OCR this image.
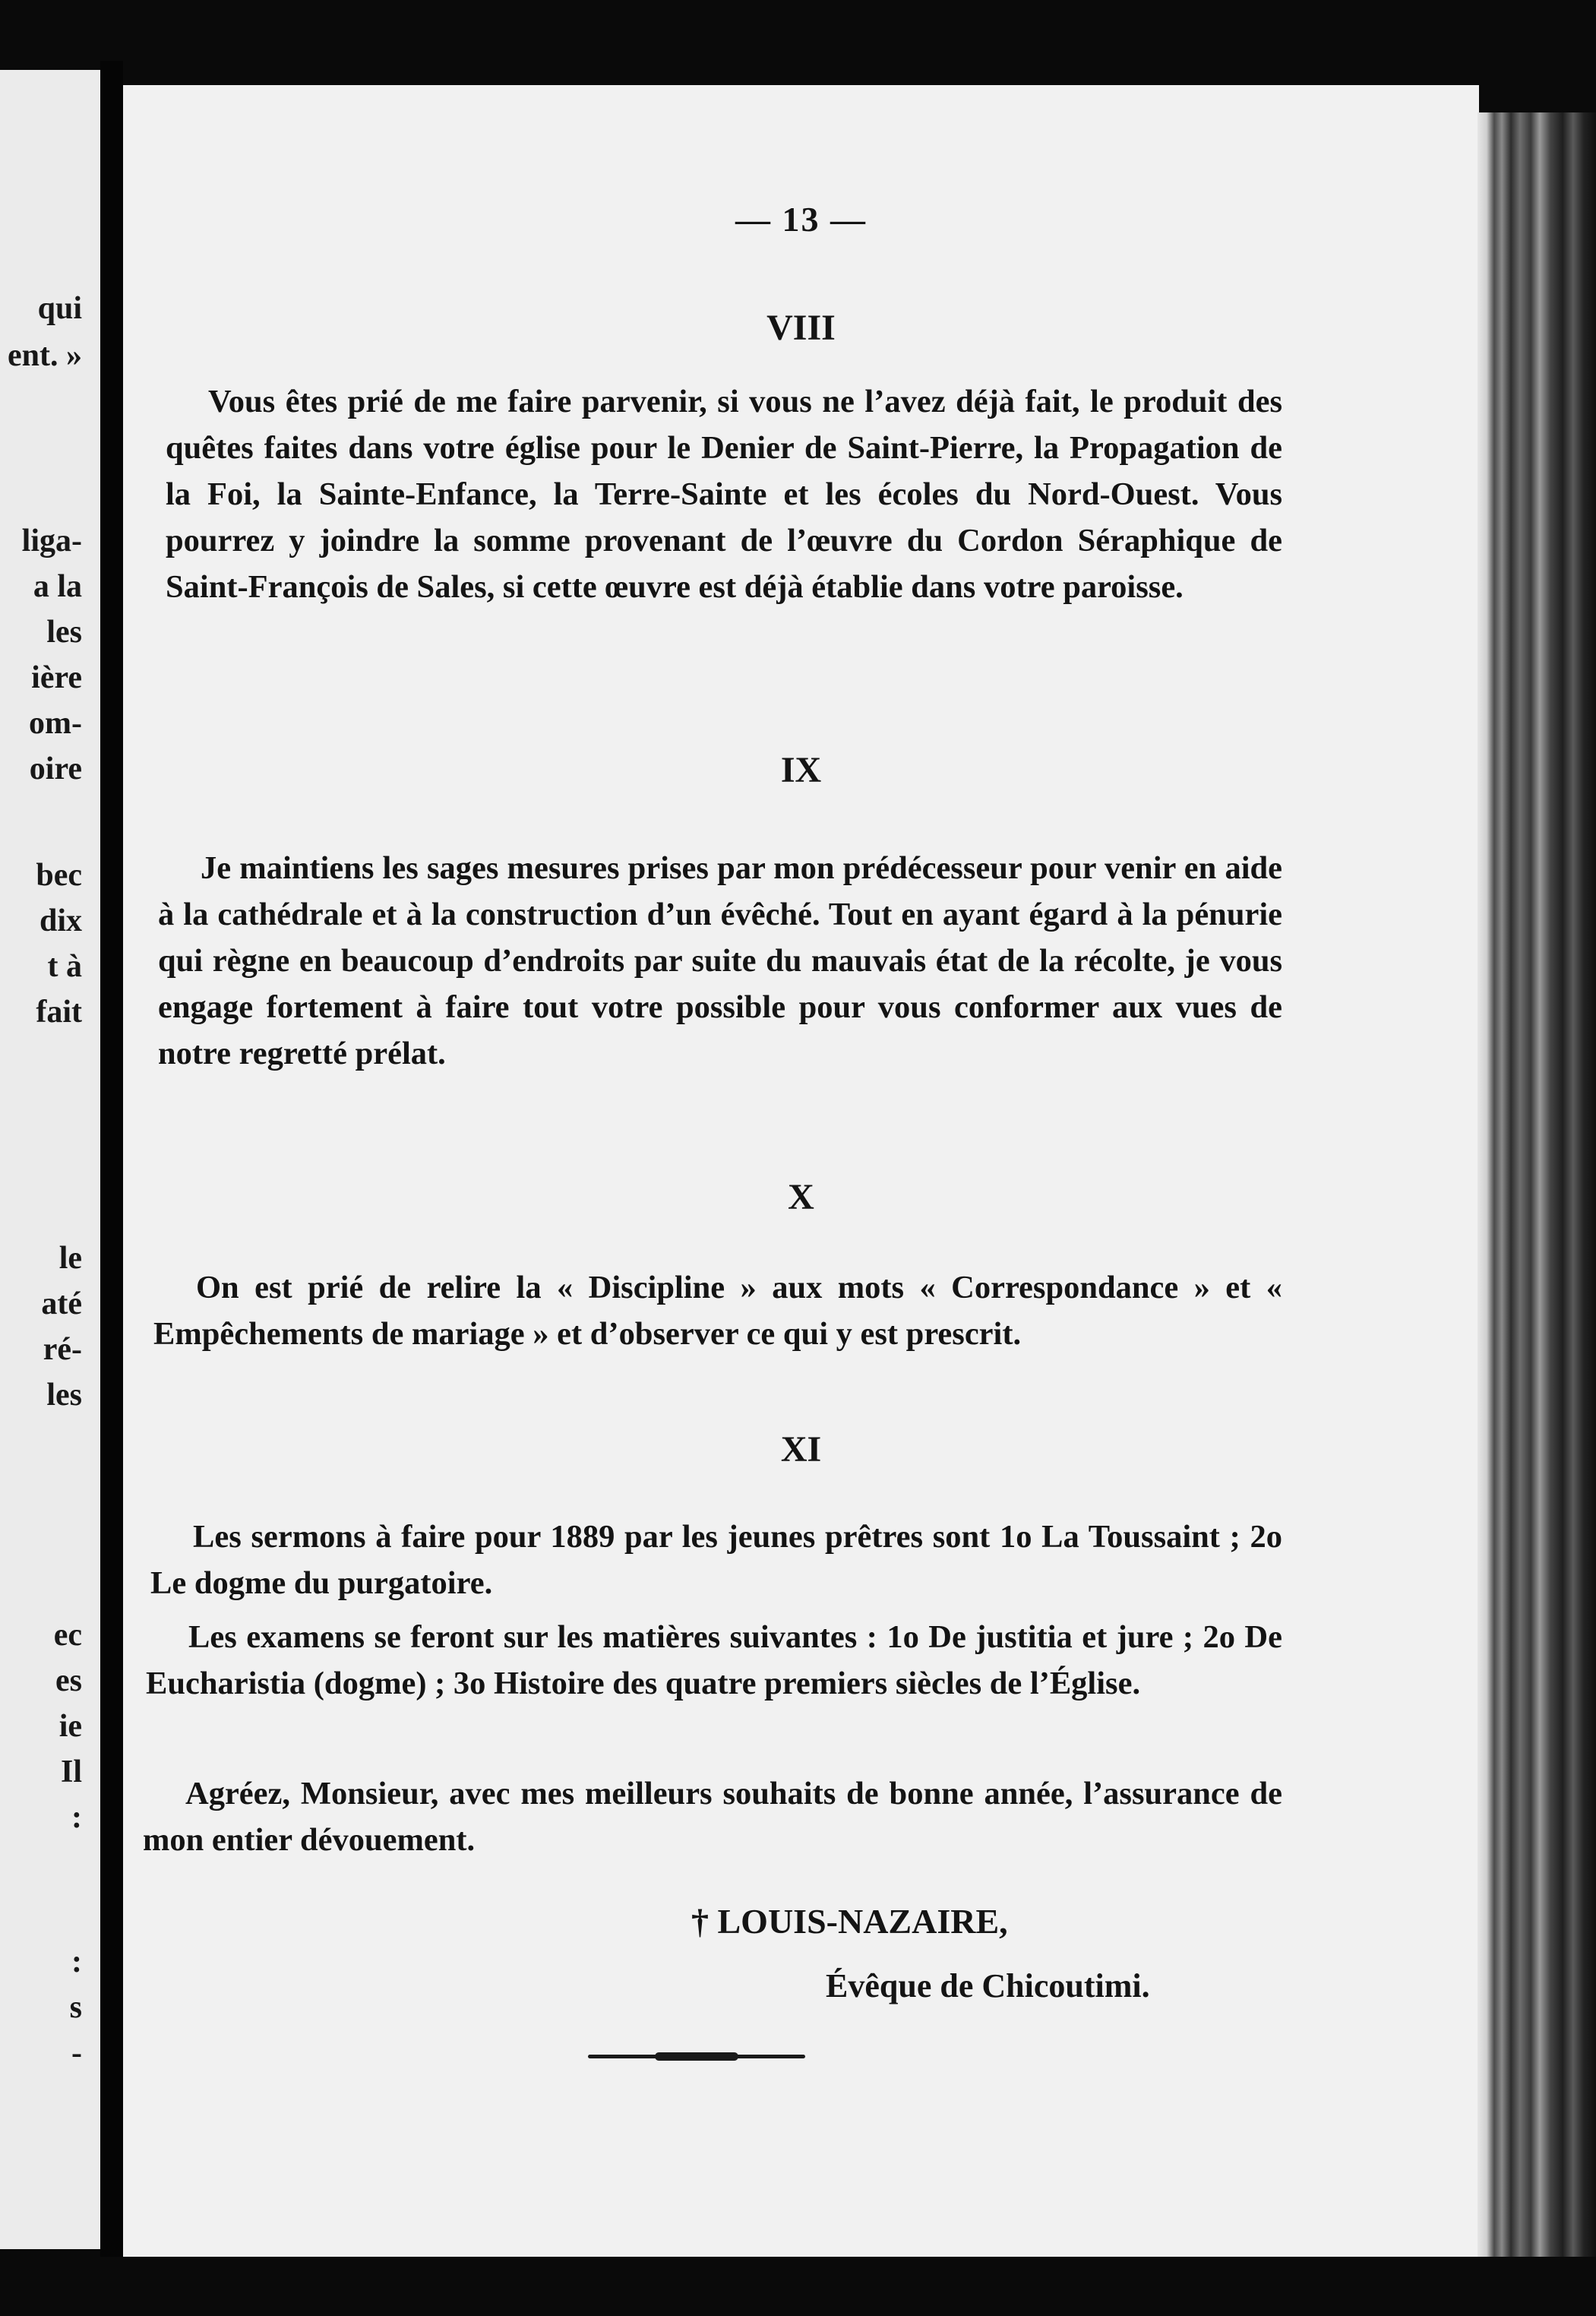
qui
ent. »
liga-
a la
les
ière
om-
oire
bec
dix
t à
fait
le
até
ré-
les
ec
es
ie
Il
:
:
s
-
— 13 —
VIII

Vous êtes prié de me faire parvenir, si vous ne l’avez déjà fait, le produit des quêtes faites dans votre église pour le Denier de Saint-Pierre, la Propagation de la Foi, la Sainte-Enfance, la Terre-Sainte et les écoles du Nord-Ouest. Vous pourrez y joindre la somme provenant de l’œuvre du Cordon Séraphique de Saint-François de Sales, si cette œuvre est déjà établie dans votre paroisse.

IX

Je maintiens les sages mesures prises par mon prédécesseur pour venir en aide à la cathédrale et à la construction d’un évêché. Tout en ayant égard à la pénurie qui règne en beaucoup d’endroits par suite du mauvais état de la récolte, je vous engage fortement à faire tout votre possible pour vous conformer aux vues de notre regretté prélat.

X

On est prié de relire la « Discipline » aux mots « Correspondance » et « Empêchements de mariage » et d’observer ce qui y est prescrit.

XI

Les sermons à faire pour 1889 par les jeunes prêtres sont 1o La Toussaint ; 2o Le dogme du purgatoire.

Les examens se feront sur les matières suivantes : 1o De justitia et jure ; 2o De Eucharistia (dogme) ; 3o Histoire des quatre premiers siècles de l’Église.

Agréez, Monsieur, avec mes meilleurs souhaits de bonne année, l’assurance de mon entier dévouement.

† LOUIS-NAZAIRE,
Évêque de Chicoutimi.
